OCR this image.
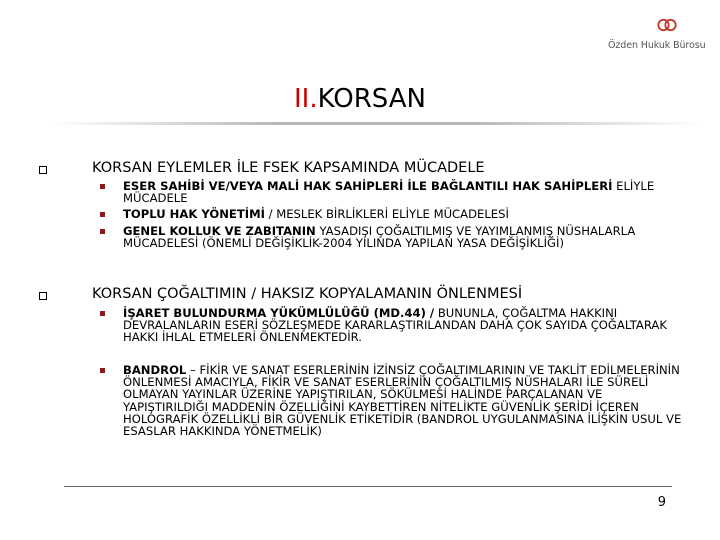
Özden Hukuk Bürosu
II.KORSAN
KORSAN EYLEMLER İLE FSEK KAPSAMINDA MÜCADELE
ESER SAHİBİ VE/VEYA MALİ HAK SAHİPLERİ İLE BAĞLANTILI HAK SAHİPLERİ ELİYLE MÜCADELE
TOPLU HAK YÖNETİMİ / MESLEK BİRLİKLERİ ELİYLE MÜCADELESİ
GENEL KOLLUK VE ZABITANIN YASADIŞI ÇOĞALTILMIŞ VE YAYIMLANMIŞ NÜSHALARLA MÜCADELESİ (ÖNEMLİ DEĞİŞİKLİK-2004 YILINDA YAPILAN YASA DEĞİŞİKLİĞİ)
KORSAN ÇOĞALTIMIN / HAKSIZ KOPYALAMANIN ÖNLENMESİ
İŞARET BULUNDURMA YÜKÜMLÜLÜĞÜ (MD.44) / BUNUNLA, ÇOĞALTMA HAKKINI DEVRALANLARIN ESERİ SÖZLEŞMEDE KARARLAŞTIRILANDAN DAHA ÇOK SAYIDA ÇOĞALTARAK HAKKI İHLAL ETMELERİ ÖNLENMEKTEDİR.
BANDROL – FİKİR VE SANAT ESERLERİNİN İZİNSİZ ÇOĞALTIMLARININ VE TAKLİT EDİLMELERİNİN ÖNLENMESİ AMACIYLA, FİKİR VE SANAT ESERLERİNİN ÇOĞALTILMIŞ NÜSHALARI İLE SÜRELİ OLMAYAN YAYINLAR ÜZERİNE YAPIŞTIRILAN, SÖKÜLMESİ HALİNDE PARÇALANAN VE YAPIŞTIRILDIĞI MADDENİN ÖZELLİĞİNİ KAYBETTİREN NİTELİKTE GÜVENLİK ŞERİDİ İÇEREN HOLOGRAFİK ÖZELLİKLİ BİR GÜVENLİK ETİKETİDİR (BANDROL UYGULANMASINA İLİŞKİN USUL VE ESASLAR HAKKINDA YÖNETMELİK)
9
